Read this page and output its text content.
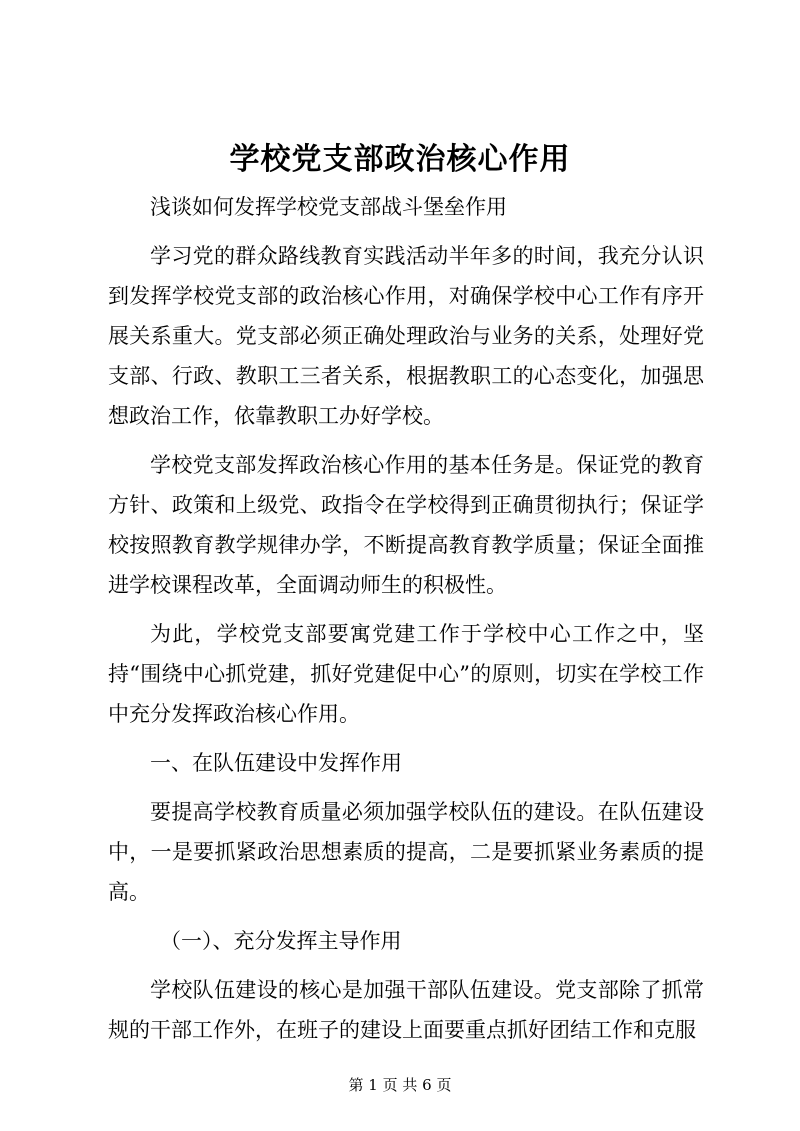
学校党支部政治核心作用

浅谈如何发挥学校党支部战斗堡垒作用

学习党的群众路线教育实践活动半年多的时间，我充分认识到发挥学校党支部的政治核心作用，对确保学校中心工作有序开展关系重大。党支部必须正确处理政治与业务的关系，处理好党支部、行政、教职工三者关系，根据教职工的心态变化，加强思想政治工作，依靠教职工办好学校。

学校党支部发挥政治核心作用的基本任务是。保证党的教育方针、政策和上级党、政指令在学校得到正确贯彻执行；保证学校按照教育教学规律办学，不断提高教育教学质量；保证全面推进学校课程改革，全面调动师生的积极性。

为此，学校党支部要寓党建工作于学校中心工作之中，坚持“围绕中心抓党建，抓好党建促中心”的原则，切实在学校工作中充分发挥政治核心作用。

一、在队伍建设中发挥作用

要提高学校教育质量必须加强学校队伍的建设。在队伍建设中，一是要抓紧政治思想素质的提高，二是要抓紧业务素质的提高。

（一）、充分发挥主导作用

学校队伍建设的核心是加强干部队伍建设。党支部除了抓常规的干部工作外，在班子的建设上面要重点抓好团结工作和克服

第 1 页 共 6 页
